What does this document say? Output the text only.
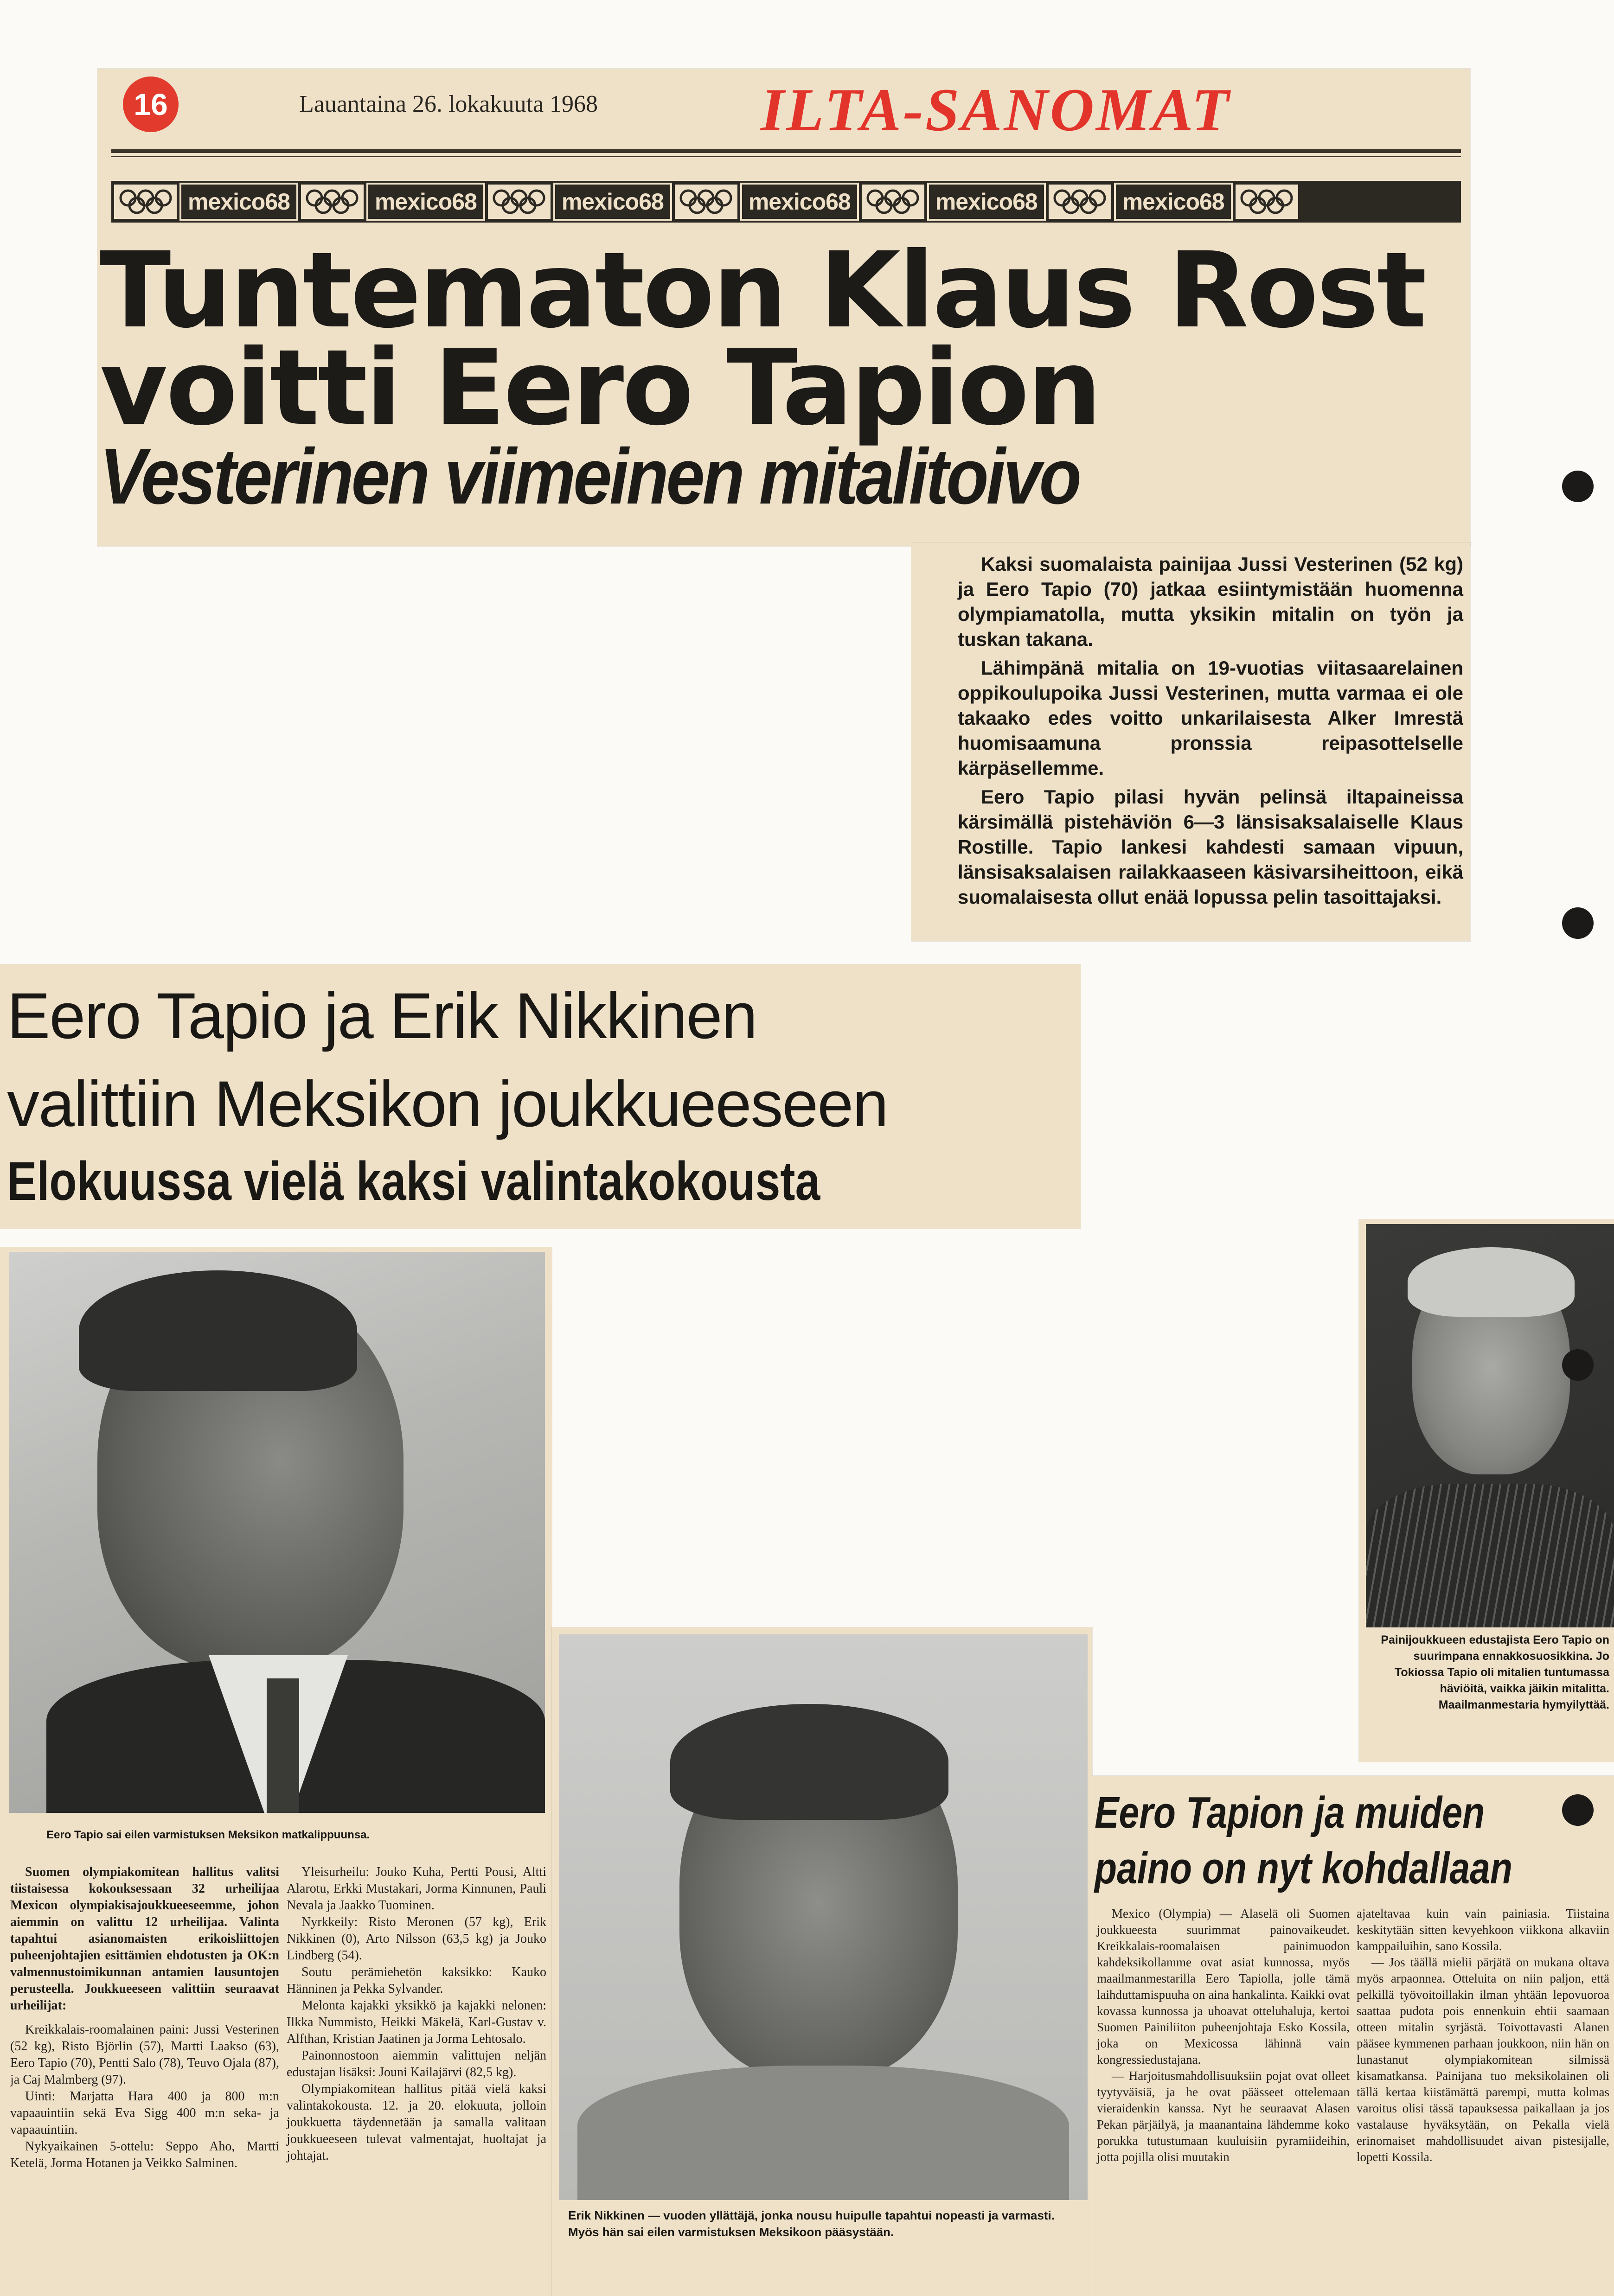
16	Lauantaina 26. lokakuuta 1968	ILTA-SANOMAT
mexico68	mexico68	mexico68	mexico68	mexico68	mexico68
Tuntematon Klaus Rost
voitti Eero Tapion
Vesterinen viimeinen mitalitoivo

Kaksi suomalaista painijaa Jussi Vesterinen (52 kg) ja Eero Tapio (70) jatkaa esiintymistään huomenna olympiamatolla, mutta yksikin mitalin on työn ja tuskan takana.

Lähimpänä mitalia on 19-vuotias viitasaarelainen oppikoulupoika Jussi Vesterinen, mutta varmaa ei ole takaako edes voitto unkarilaisesta Alker Imrestä huomisaamuna pronssia reipasottelselle kärpäsellemme.

Eero Tapio pilasi hyvän pelinsä iltapaineissa kärsimällä pistehäviön 6—3 länsisaksalaiselle Klaus Rostille. Tapio lankesi kahdesti samaan vipuun, länsisaksalaisen railakkaaseen käsivarsiheittoon, eikä suomalaisesta ollut enää lopussa pelin tasoittajaksi.

Eero Tapio ja Erik Nikkinen
valittiin Meksikon joukkueeseen
Elokuussa vielä kaksi valintakokousta
Eero Tapio sai eilen varmistuksen Meksikon matkalippuunsa.

Suomen olympiakomitean hallitus valitsi tiistaisessa kokouksessaan 32 urheilijaa Mexicon olympiakisajoukkueeseemme, johon aiemmin on valittu 12 urheilijaa. Valinta tapahtui asianomaisten erikoisliittojen puheenjohtajien esittämien ehdotusten ja OK:n valmennustoimikunnan antamien lausuntojen perusteella. Joukkueeseen valittiin seuraavat urheilijat:

Kreikkalais-roomalainen paini: Jussi Vesterinen (52 kg), Risto Björlin (57), Martti Laakso (63), Eero Tapio (70), Pentti Salo (78), Teuvo Ojala (87), ja Caj Malmberg (97).

Uinti: Marjatta Hara 400 ja 800 m:n vapaauintiin sekä Eva Sigg 400 m:n seka- ja vapaauintiin.

Nykyaikainen 5-ottelu: Seppo Aho, Martti Ketelä, Jorma Hotanen ja Veikko Salminen.

Yleisurheilu: Jouko Kuha, Pertti Pousi, Altti Alarotu, Erkki Mustakari, Jorma Kinnunen, Pauli Nevala ja Jaakko Tuominen.

Nyrkkeily: Risto Meronen (57 kg), Erik Nikkinen (0), Arto Nilsson (63,5 kg) ja Jouko Lindberg (54).

Soutu perämiehetön kaksikko: Kauko Hänninen ja Pekka Sylvander.

Melonta kajakki yksikkö ja kajakki nelonen: Ilkka Nummisto, Heikki Mäkelä, Karl-Gustav v. Alfthan, Kristian Jaatinen ja Jorma Lehtosalo.

Painonnostoon aiemmin valittujen neljän edustajan lisäksi: Jouni Kailajärvi (82,5 kg).

Olympiakomitean hallitus pitää vielä kaksi valintakokousta. 12. ja 20. elokuuta, jolloin joukkuetta täydennetään ja samalla valitaan joukkueeseen tulevat valmentajat, huoltajat ja johtajat.

Erik Nikkinen — vuoden yllättäjä, jonka nousu huipulle tapahtui nopeasti ja varmasti. Myös hän sai eilen varmistuksen Meksikoon pääsystään.
Painijoukkueen edustajista Eero Tapio on suurimpana ennakkosuosikkina. Jo Tokiossa Tapio oli mitalien tuntumassa häviöitä, vaikka jäikin mitalitta. Maailmanmestaria hymyilyttää.
Eero Tapion ja muiden
paino on nyt kohdallaan

Mexico (Olympia) — Alaselä oli Suomen joukkueesta suurimmat painovaikeudet. Kreikkalais-roomalaisen painimuodon kahdeksikollamme ovat asiat kunnossa, myös maailmanmestarilla Eero Tapiolla, jolle tämä laihduttamispuuha on aina hankalinta. Kaikki ovat kovassa kunnossa ja uhoavat otteluhaluja, kertoi Suomen Painiliiton puheenjohtaja Esko Kossila, joka on Mexicossa lähinnä vain kongressiedustajana.

— Harjoitusmahdollisuuksiin pojat ovat olleet tyytyväisiä, ja he ovat päässeet ottelemaan vieraidenkin kanssa. Nyt he seuraavat Alasen Pekan pärjäilyä, ja maanantaina lähdemme koko porukka tutustumaan kuuluisiin pyramiideihin, jotta pojilla olisi muutakin

ajateltavaa kuin vain painiasia. Tiistaina keskitytään sitten kevyehkoon viikkona alkaviin kamppailuihin, sano Kossila.

— Jos täällä mielii pärjätä on mukana oltava myös arpaonnea. Otteluita on niin paljon, että pelkillä työvoitoillakin ilman yhtään lepovuoroa saattaa pudota pois ennenkuin ehtii saamaan otteen mitalin syrjästä. Toivottavasti Alanen pääsee kymmenen parhaan joukkoon, niin hän on lunastanut olympiakomitean silmissä kisamatkansa. Painijana tuo meksikolainen oli tällä kertaa kiistämättä parempi, mutta kolmas varoitus olisi tässä tapauksessa paikallaan ja jos vastalause hyväksytään, on Pekalla vielä erinomaiset mahdollisuudet aivan pistesijalle, lopetti Kossila.
